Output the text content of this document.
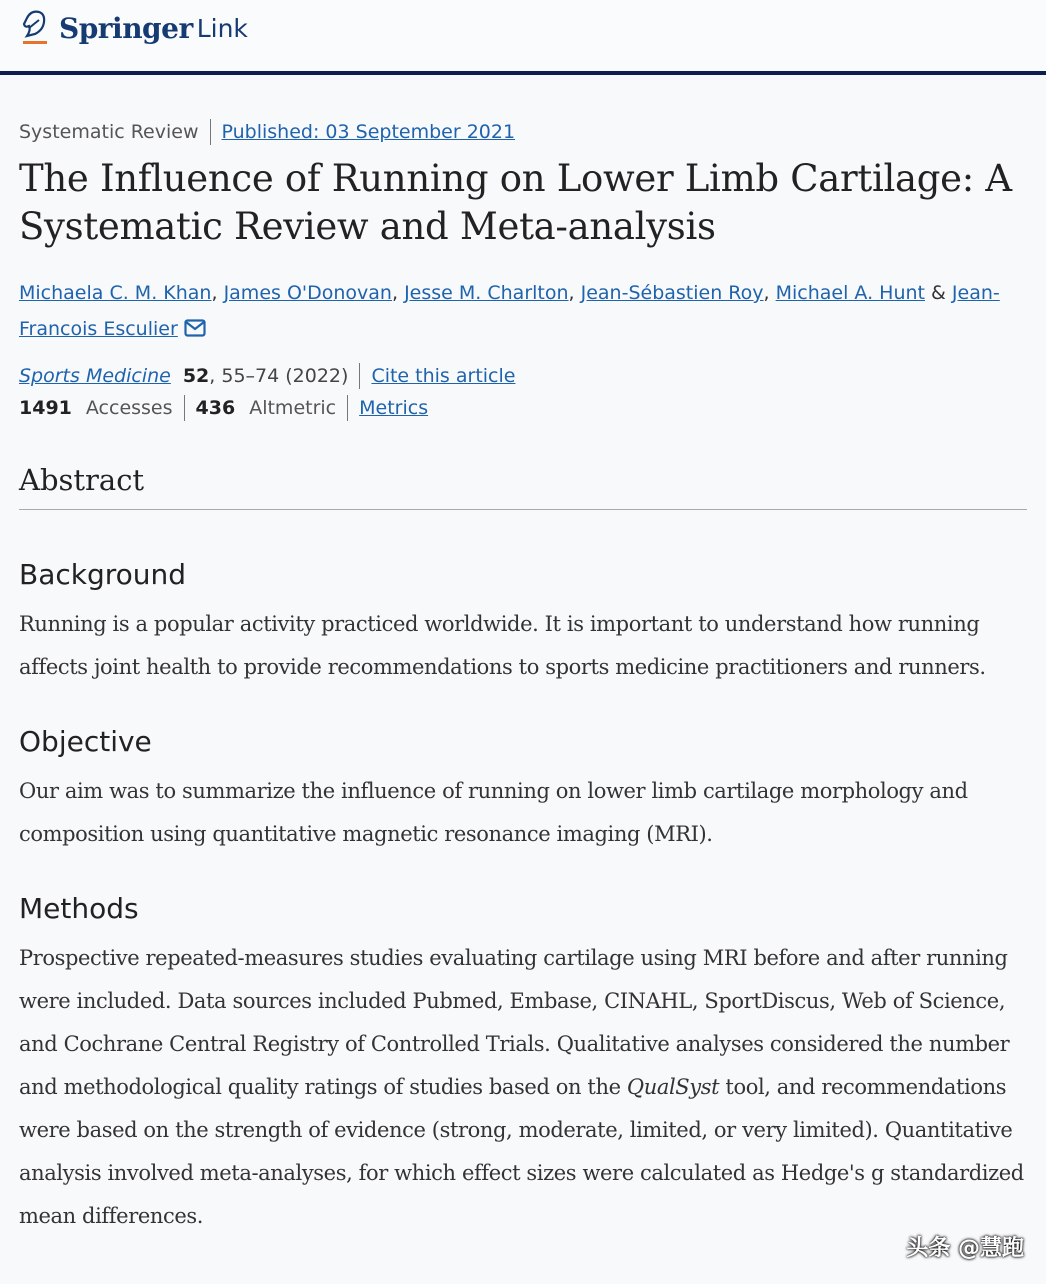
Springer Link
Systematic Review Published: 03 September 2021
The Influence of Running on Lower Limb Cartilage: A Systematic Review and Meta-analysis
Michaela C. M. Khan, James O'Donovan, Jesse M. Charlton, Jean-Sébastien Roy, Michael A. Hunt & Jean-Francois Esculier
Sports Medicine 52 , 55–74 (2022) Cite this article
1491 Accesses 436 Altmetric Metrics
Abstract
Background

Running is a popular activity practiced worldwide. It is important to understand how running affects joint health to provide recommendations to sports medicine practitioners and runners.

Objective

Our aim was to summarize the influence of running on lower limb cartilage morphology and composition using quantitative magnetic resonance imaging (MRI).

Methods

Prospective repeated-measures studies evaluating cartilage using MRI before and after running were included. Data sources included Pubmed, Embase, CINAHL, SportDiscus, Web of Science, and Cochrane Central Registry of Controlled Trials. Qualitative analyses considered the number and methodological quality ratings of studies based on the QualSyst tool, and recommendations were based on the strength of evidence (strong, moderate, limited, or very limited). Quantitative analysis involved meta-analyses, for which effect sizes were calculated as Hedge's g standardized mean differences.

头条 @慧跑
